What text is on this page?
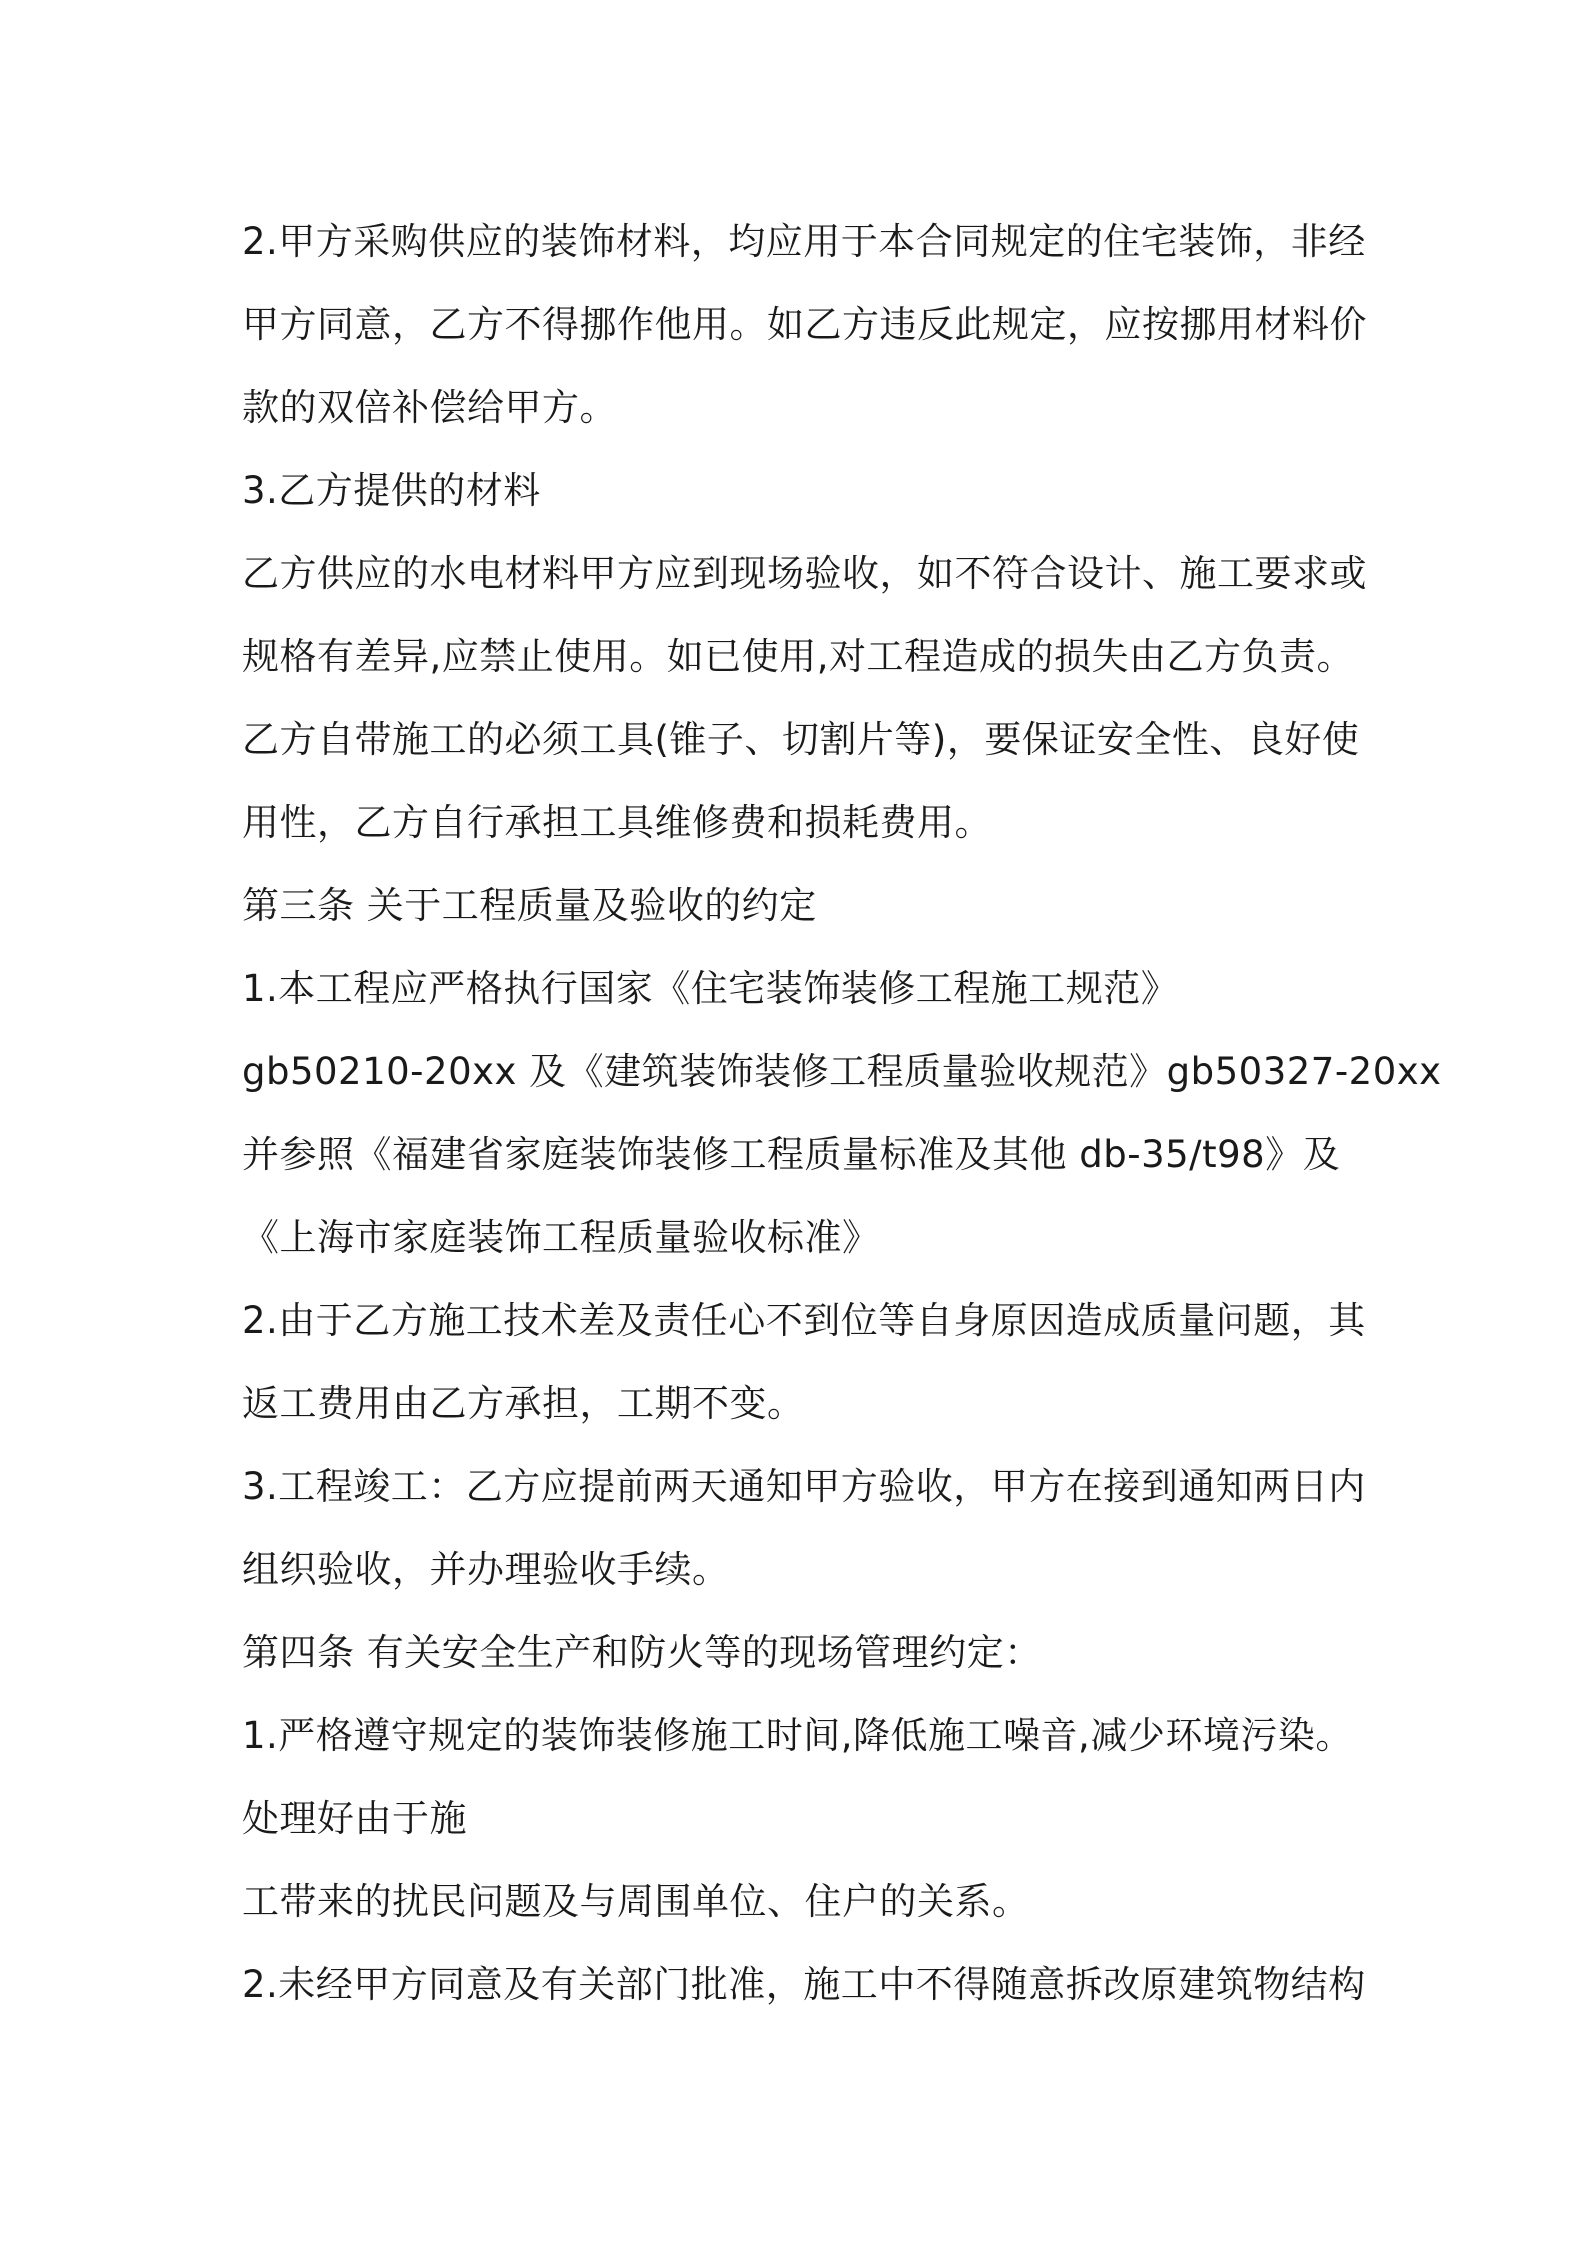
2.甲方采购供应的装饰材料，均应用于本合同规定的住宅装饰，非经
甲方同意，乙方不得挪作他用。如乙方违反此规定，应按挪用材料价
款的双倍补偿给甲方。
3.乙方提供的材料
乙方供应的水电材料甲方应到现场验收，如不符合设计、施工要求或
规格有差异,应禁止使用。如已使用,对工程造成的损失由乙方负责。
乙方自带施工的必须工具(锥子、切割片等)，要保证安全性、良好使
用性，乙方自行承担工具维修费和损耗费用。
第三条 关于工程质量及验收的约定
1.本工程应严格执行国家《住宅装饰装修工程施工规范》
gb50210-20xx 及《建筑装饰装修工程质量验收规范》gb50327-20xx
并参照《福建省家庭装饰装修工程质量标准及其他 db-35/t98》及
《上海市家庭装饰工程质量验收标准》
2.由于乙方施工技术差及责任心不到位等自身原因造成质量问题，其
返工费用由乙方承担，工期不变。
3.工程竣工：乙方应提前两天通知甲方验收，甲方在接到通知两日内
组织验收，并办理验收手续。
第四条 有关安全生产和防火等的现场管理约定：
1.严格遵守规定的装饰装修施工时间,降低施工噪音,减少环境污染。
处理好由于施
工带来的扰民问题及与周围单位、住户的关系。
2.未经甲方同意及有关部门批准，施工中不得随意拆改原建筑物结构
